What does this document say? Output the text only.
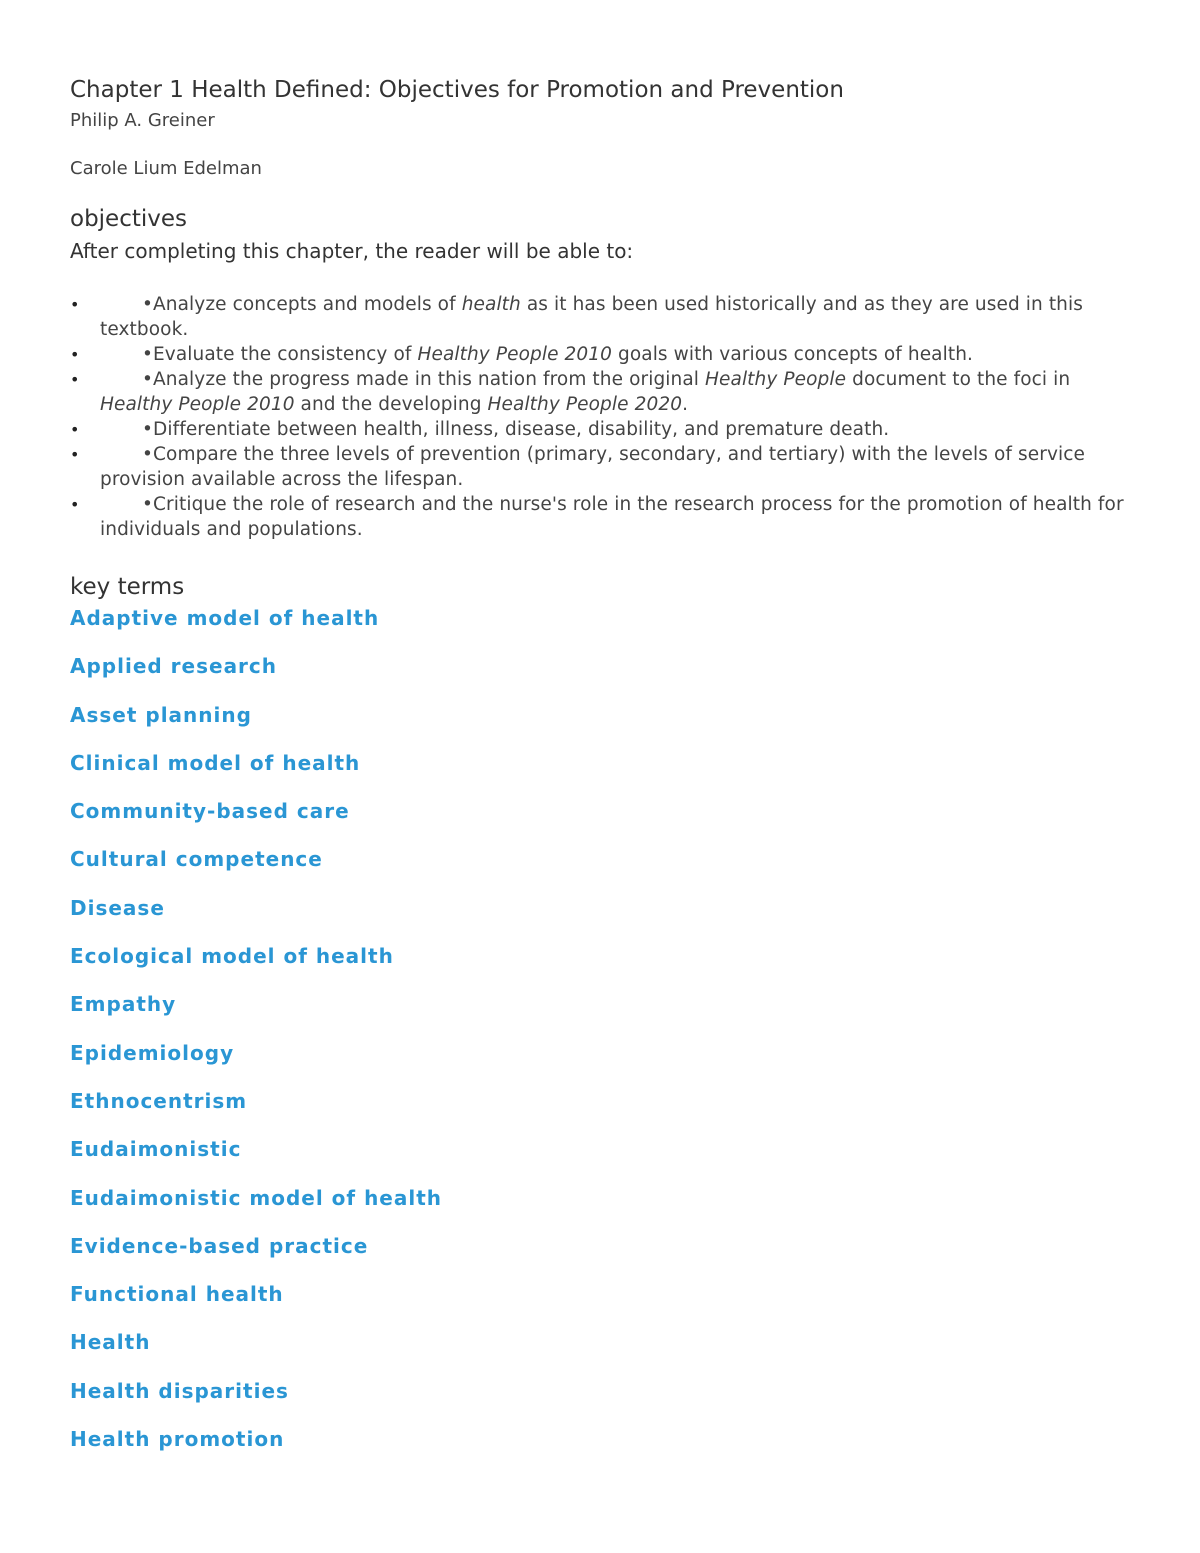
Chapter 1 Health Defined: Objectives for Promotion and Prevention

Philip A. Greiner

Carole Lium Edelman

objectives

After completing this chapter, the reader will be able to:

•	•Analyze concepts and models of health as it has been used historically and as they are used in this textbook.
•	•Evaluate the consistency of Healthy People 2010 goals with various concepts of health.
•	•Analyze the progress made in this nation from the original Healthy People document to the foci in Healthy People 2010 and the developing Healthy People 2020.
•	•Differentiate between health, illness, disease, disability, and premature death.
•	•Compare the three levels of prevention (primary, secondary, and tertiary) with the levels of service provision available across the lifespan.
•	•Critique the role of research and the nurse's role in the research process for the promotion of health for individuals and populations.
key terms
Adaptive model of health
Applied research
Asset planning
Clinical model of health
Community-based care
Cultural competence
Disease
Ecological model of health
Empathy
Epidemiology
Ethnocentrism
Eudaimonistic
Eudaimonistic model of health
Evidence-based practice
Functional health
Health
Health disparities
Health promotion
